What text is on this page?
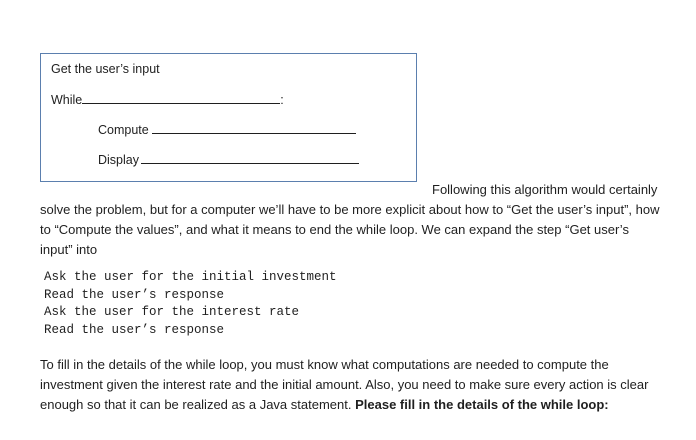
Get the user’s input
While	:
Compute
Display

Following this algorithm would certainly solve the problem, but for a computer we’ll have to be more explicit about how to “Get the user’s input”, how to “Compute the values”, and what it means to end the while loop. We can expand the step “Get user’s input” into

Ask the user for the initial investment
Read the user’s response
Ask the user for the interest rate
Read the user’s response

To fill in the details of the while loop, you must know what computations are needed to compute the investment given the interest rate and the initial amount. Also, you need to make sure every action is clear enough so that it can be realized as a Java statement. Please fill in the details of the while loop:
